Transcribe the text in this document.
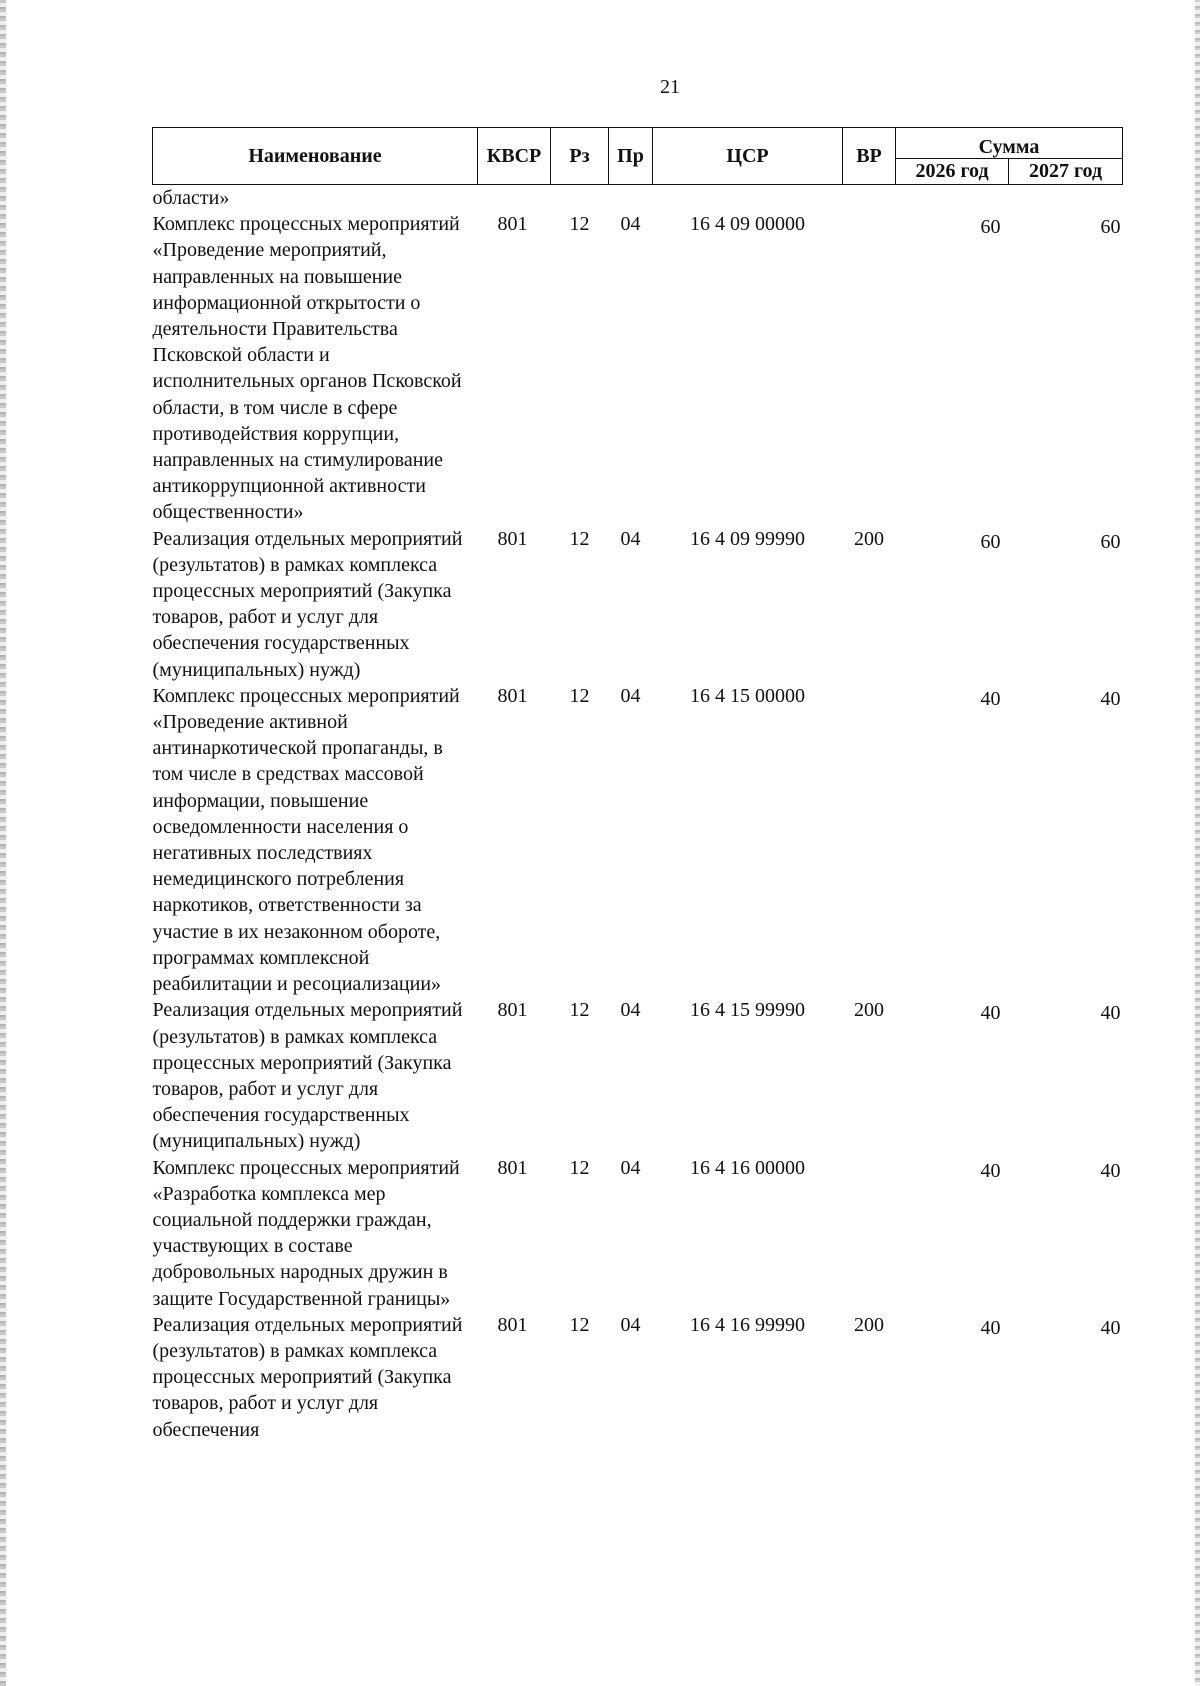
21
Наименование	КВСР	Рз	Пр	ЦСР	ВР	Сумма	
						2026 год	2027 год
области»							
Комплекс процессных мероприятий «Проведение мероприятий, направленных на повышение информационной открытости о деятельности Правительства Псковской области и исполнительных органов Псковской области, в том числе в сфере противодействия коррупции, направленных на стимулирование антикоррупционной активности общественности»	801	12	04	16 4 09 00000		60	60
Реализация отдельных мероприятий (результатов) в рамках комплекса процессных мероприятий (Закупка товаров, работ и услуг для обеспечения государственных (муниципальных) нужд)	801	12	04	16 4 09 99990	200	60	60
Комплекс процессных мероприятий «Проведение активной антинаркотической пропаганды, в том числе в средствах массовой информации, повышение осведомленности населения о негативных последствиях немедицинского потребления наркотиков, ответственности за участие в их незаконном обороте, программах комплексной реабилитации и ресоциализации»	801	12	04	16 4 15 00000		40	40
Реализация отдельных мероприятий (результатов) в рамках комплекса процессных мероприятий (Закупка товаров, работ и услуг для обеспечения государственных (муниципальных) нужд)	801	12	04	16 4 15 99990	200	40	40
Комплекс процессных мероприятий «Разработка комплекса мер социальной поддержки граждан, участвующих в составе добровольных народных дружин в защите Государственной границы»	801	12	04	16 4 16 00000		40	40
Реализация отдельных мероприятий (результатов) в рамках комплекса процессных мероприятий (Закупка товаров, работ и услуг для обеспечения	801	12	04	16 4 16 99990	200	40	40
